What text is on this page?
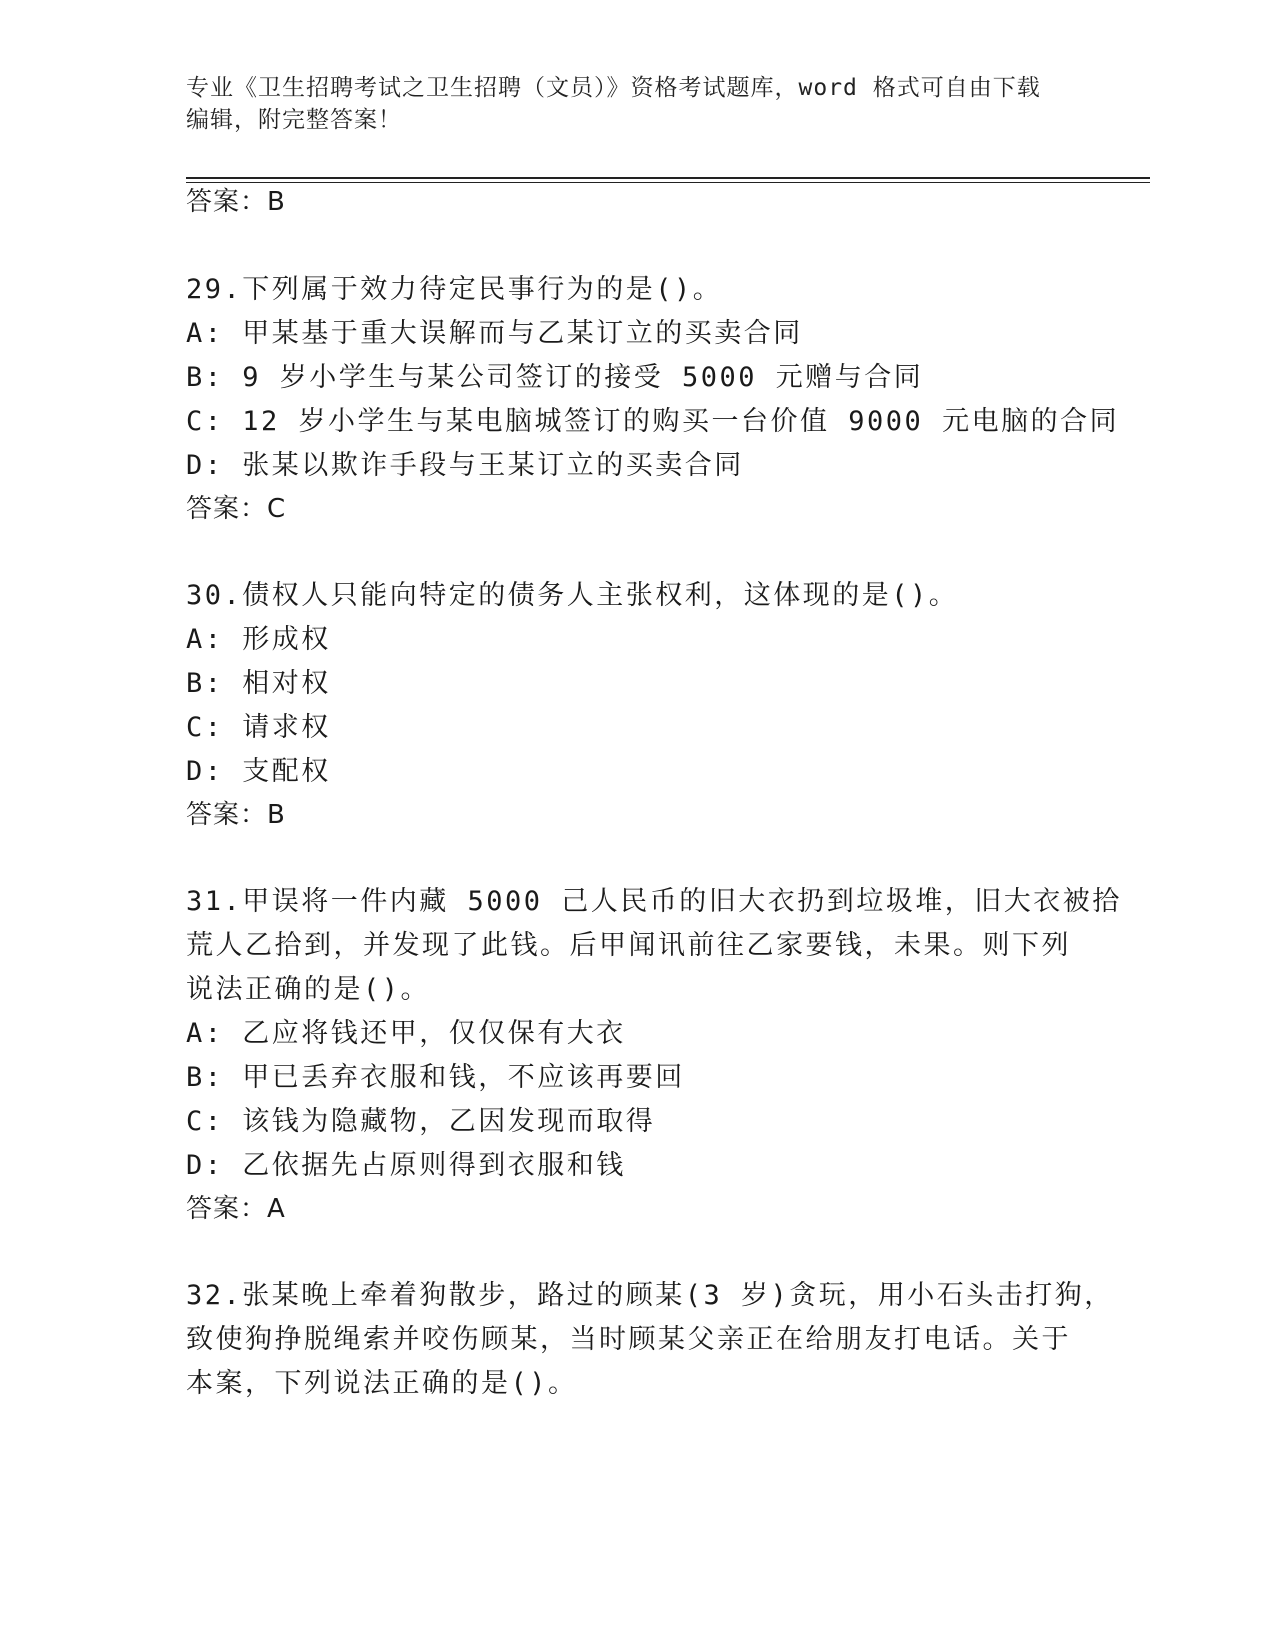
专业《卫生招聘考试之卫生招聘（文员）》资格考试题库，word 格式可自由下载
编辑，附完整答案！
答案：B
29.下列属于效力待定民事行为的是()。
A: 甲某基于重大误解而与乙某订立的买卖合同
B: 9 岁小学生与某公司签订的接受 5000 元赠与合同
C: 12 岁小学生与某电脑城签订的购买一台价值 9000 元电脑的合同
D: 张某以欺诈手段与王某订立的买卖合同
答案：C
30.债权人只能向特定的债务人主张权利，这体现的是()。
A: 形成权
B: 相对权
C: 请求权
D: 支配权
答案：B
31.甲误将一件内藏 5000 己人民币的旧大衣扔到垃圾堆，旧大衣被拾
荒人乙拾到，并发现了此钱。后甲闻讯前往乙家要钱，未果。则下列
说法正确的是()。
A: 乙应将钱还甲，仅仅保有大衣
B: 甲已丢弃衣服和钱，不应该再要回
C: 该钱为隐藏物，乙因发现而取得
D: 乙依据先占原则得到衣服和钱
答案：A
32.张某晚上牵着狗散步，路过的顾某(3 岁)贪玩，用小石头击打狗，
致使狗挣脱绳索并咬伤顾某，当时顾某父亲正在给朋友打电话。关于
本案，下列说法正确的是()。
